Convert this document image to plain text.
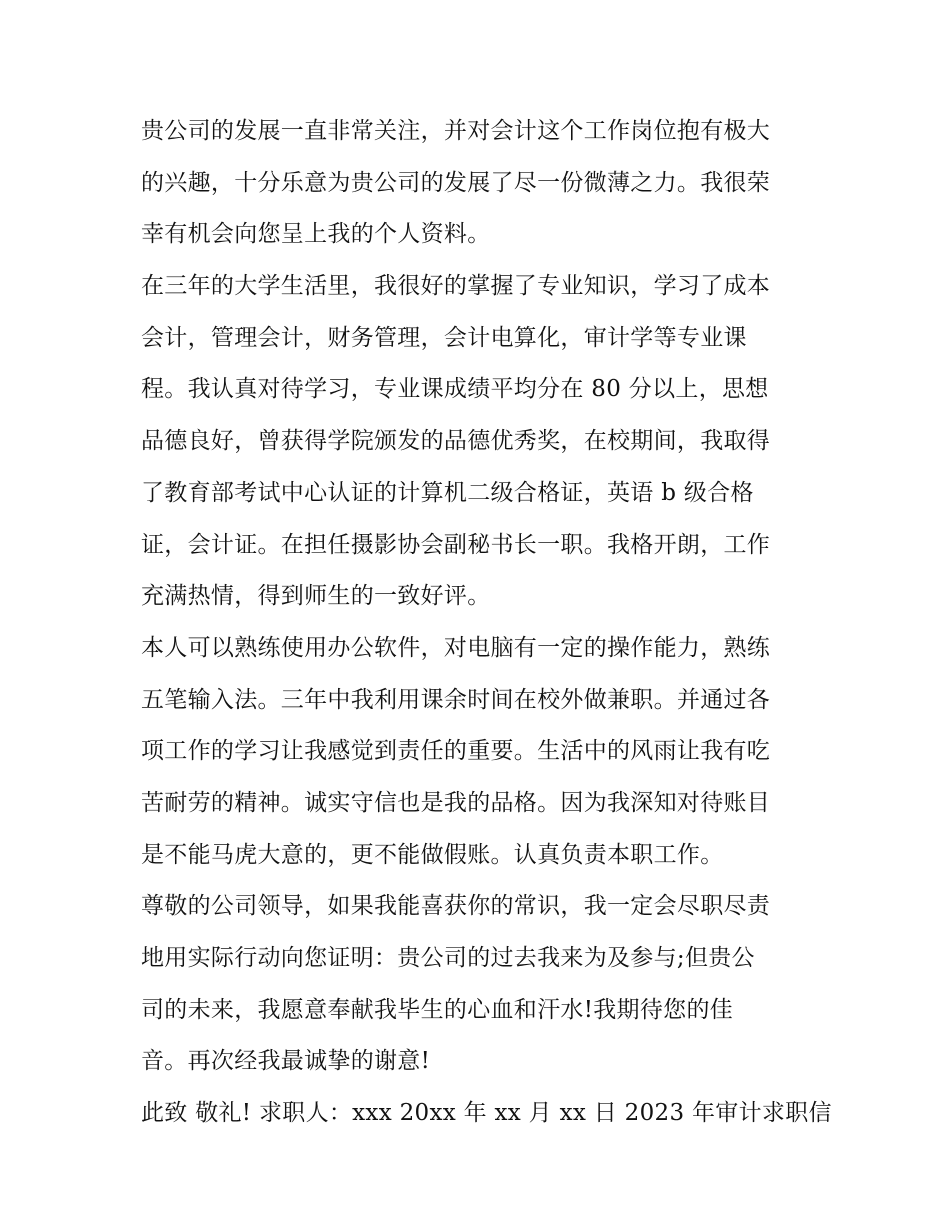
贵公司的发展一直非常关注，并对会计这个工作岗位抱有极大
的兴趣，十分乐意为贵公司的发展了尽一份微薄之力。我很荣
幸有机会向您呈上我的个人资料。
在三年的大学生活里，我很好的掌握了专业知识，学习了成本
会计，管理会计，财务管理，会计电算化，审计学等专业课
程。我认真对待学习，专业课成绩平均分在 80 分以上，思想
品德良好，曾获得学院颁发的品德优秀奖，在校期间，我取得
了教育部考试中心认证的计算机二级合格证，英语 b 级合格
证，会计证。在担任摄影协会副秘书长一职。我格开朗，工作
充满热情，得到师生的一致好评。
本人可以熟练使用办公软件，对电脑有一定的操作能力，熟练
五笔输入法。三年中我利用课余时间在校外做兼职。并通过各
项工作的学习让我感觉到责任的重要。生活中的风雨让我有吃
苦耐劳的精神。诚实守信也是我的品格。因为我深知对待账目
是不能马虎大意的，更不能做假账。认真负责本职工作。
尊敬的公司领导，如果我能喜获你的常识，我一定会尽职尽责
地用实际行动向您证明：贵公司的过去我来为及参与;但贵公
司的未来，我愿意奉献我毕生的心血和汗水!我期待您的佳
音。再次经我最诚挚的谢意!
此致 敬礼! 求职人：xxx 20xx 年 xx 月 xx 日 2023 年审计求职信
